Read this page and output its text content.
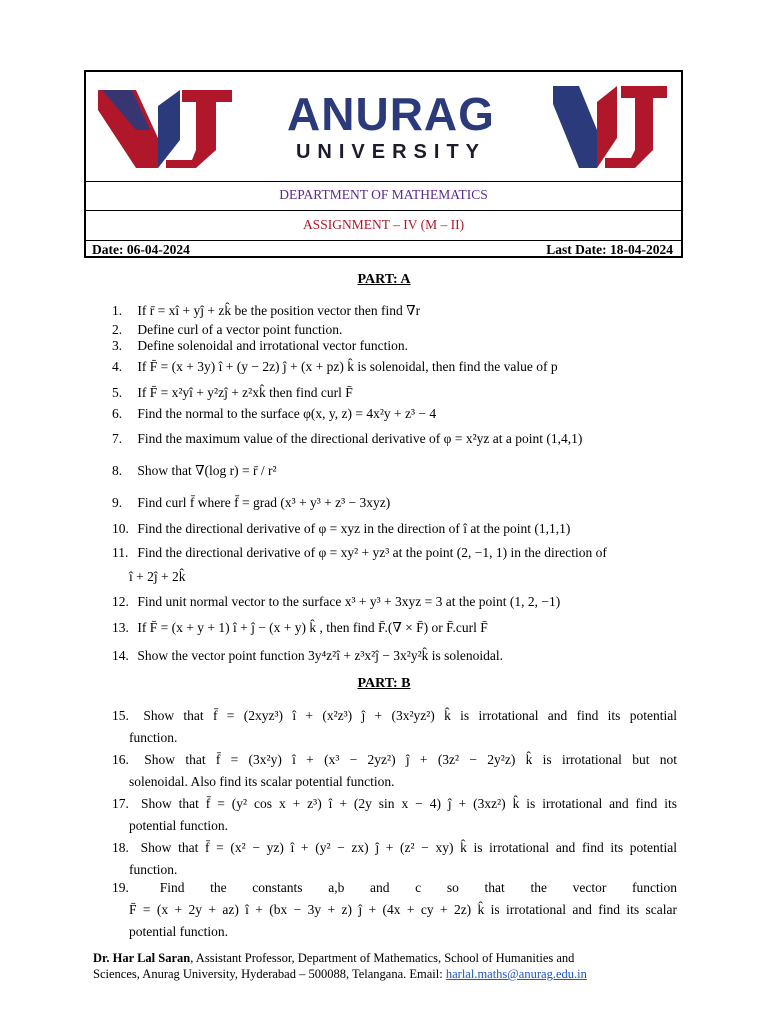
ANURAG
UNIVERSITY
DEPARTMENT OF MATHEMATICS
ASSIGNMENT – IV (M – II)
Date: 06-04-2024	Last Date: 18-04-2024
PART: A
1. If r̄ = xî + yĵ + zk̂ be the position vector then find ∇r
2. Define curl of a vector point function.
3. Define solenoidal and irrotational vector function.
4. If F̄ = (x + 3y) î + (y − 2z) ĵ + (x + pz) k̂ is solenoidal, then find the value of p
5. If F̄ = x²yî + y²zĵ + z²xk̂ then find curl F̄
6. Find the normal to the surface φ(x, y, z) = 4x²y + z³ − 4
7. Find the maximum value of the directional derivative of φ = x²yz at a point (1,4,1)
8. Show that ∇(log r) = r̄ / r²
9. Find curl f̄ where f̄ = grad (x³ + y³ + z³ − 3xyz)
10. Find the directional derivative of φ = xyz in the direction of î at the point (1,1,1)
11. Find the directional derivative of φ = xy² + yz³ at the point (2, −1, 1) in the direction of
î + 2ĵ + 2k̂
12. Find unit normal vector to the surface x³ + y³ + 3xyz = 3 at the point (1, 2, −1)
13. If F̄ = (x + y + 1) î + ĵ − (x + y) k̂ , then find F̄.(∇ × F̄) or F̄.curl F̄
14. Show the vector point function 3y⁴z²î + z³x²ĵ − 3x²y²k̂ is solenoidal.
PART: B
15. Show that f̄ = (2xyz³) î + (x²z³) ĵ + (3x²yz²) k̂ is irrotational and find its potential
function.
16. Show that f̄ = (3x²y) î + (x³ − 2yz²) ĵ + (3z² − 2y²z) k̂ is irrotational but not
solenoidal. Also find its scalar potential function.
17. Show that f̄ = (y² cos x + z³) î + (2y sin x − 4) ĵ + (3xz²) k̂ is irrotational and find its
potential function.
18. Show that f̄ = (x² − yz) î + (y² − zx) ĵ + (z² − xy) k̂ is irrotational and find its potential
function.
19. Find the constants a,b and c so that the vector function
F̄ = (x + 2y + az) î + (bx − 3y + z) ĵ + (4x + cy + 2z) k̂ is irrotational and find its scalar
potential function.
Dr. Har Lal Saran, Assistant Professor, Department of Mathematics, School of Humanities and
Sciences, Anurag University, Hyderabad – 500088, Telangana. Email: harlal.maths@anurag.edu.in
